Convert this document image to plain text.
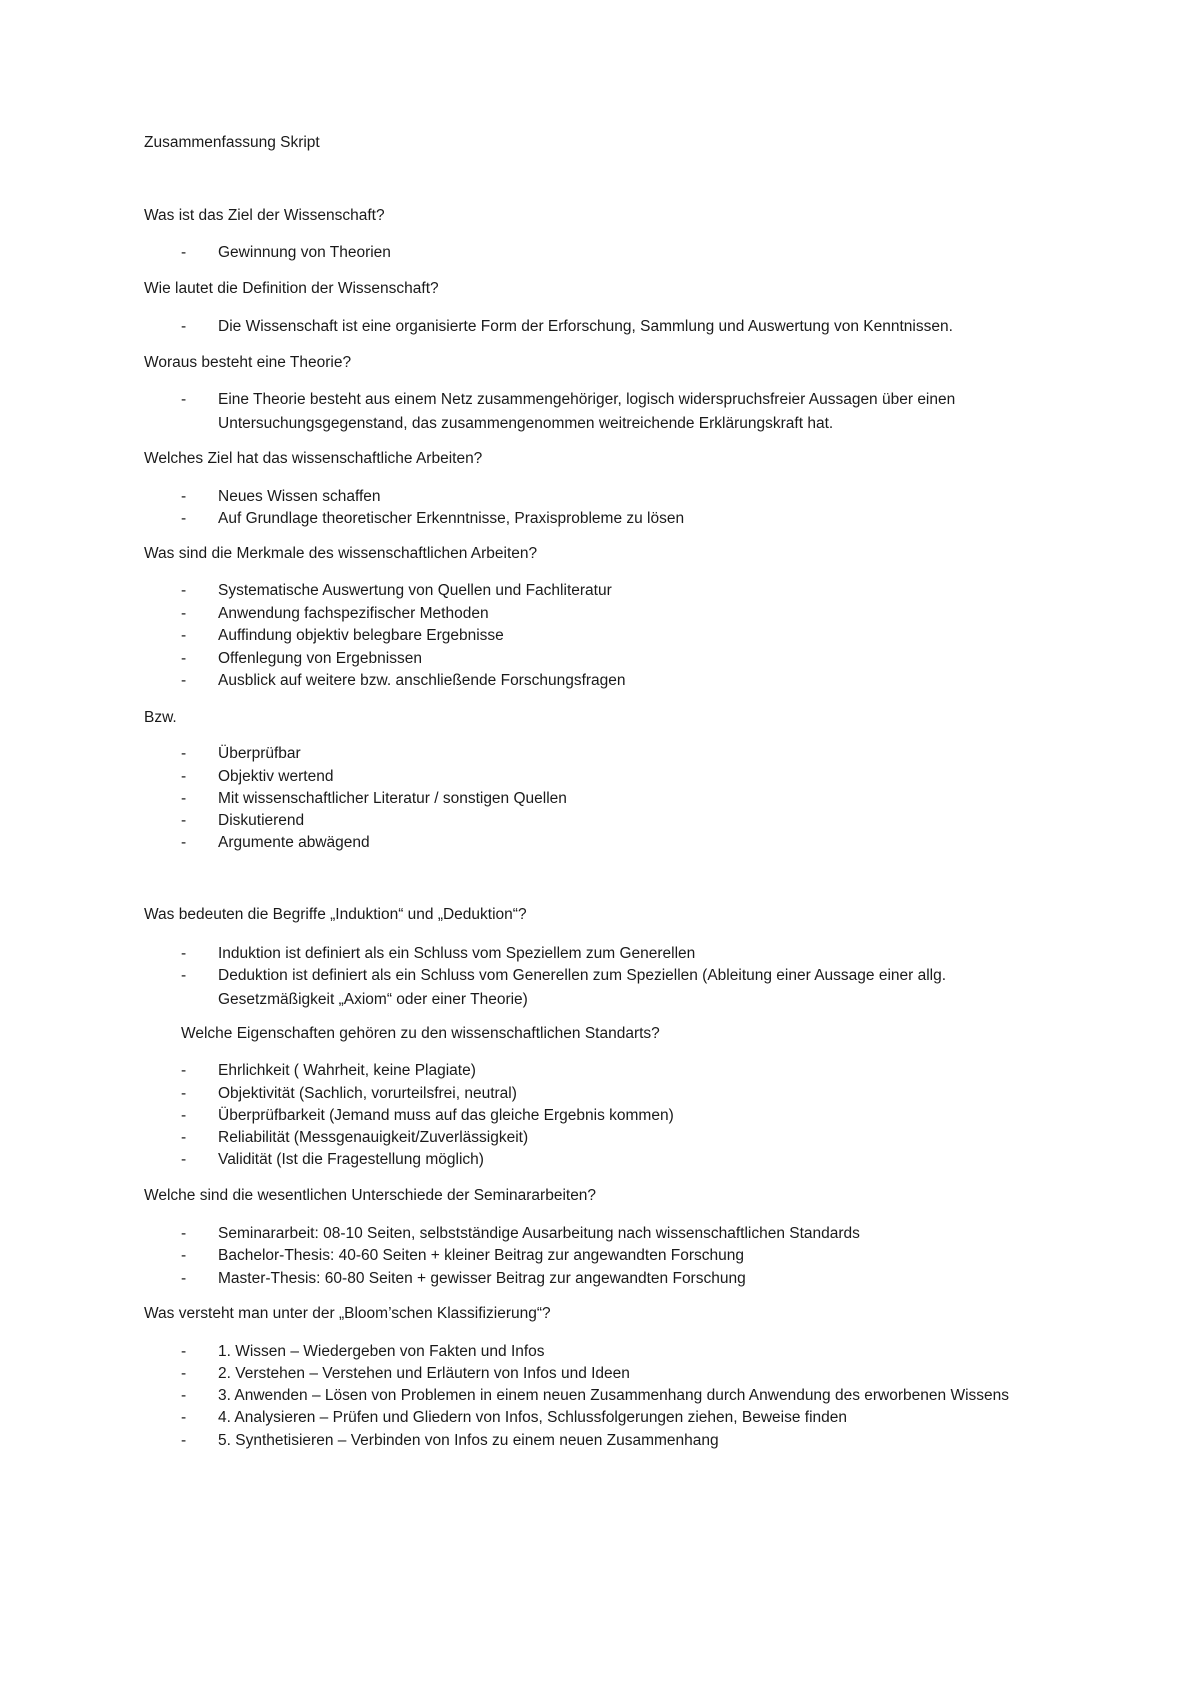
Zusammenfassung Skript
Was ist das Ziel der Wissenschaft?
-	Gewinnung von Theorien
Wie lautet die Definition der Wissenschaft?
-	Die Wissenschaft ist eine organisierte Form der Erforschung, Sammlung und Auswertung von Kenntnissen.
Woraus besteht eine Theorie?
-	Eine Theorie besteht aus einem Netz zusammengehöriger, logisch widerspruchsfreier Aussagen über einen
Untersuchungsgegenstand, das zusammengenommen weitreichende Erklärungskraft hat.
Welches Ziel hat das wissenschaftliche Arbeiten?
-	Neues Wissen schaffen
-	Auf Grundlage theoretischer Erkenntnisse, Praxisprobleme zu lösen
Was sind die Merkmale des wissenschaftlichen Arbeiten?
-	Systematische Auswertung von Quellen und Fachliteratur
-	Anwendung fachspezifischer Methoden
-	Auffindung objektiv belegbare Ergebnisse
-	Offenlegung von Ergebnissen
-	Ausblick auf weitere bzw. anschließende Forschungsfragen
Bzw.
-	Überprüfbar
-	Objektiv wertend
-	Mit wissenschaftlicher Literatur / sonstigen Quellen
-	Diskutierend
-	Argumente abwägend
Was bedeuten die Begriffe „Induktion“ und „Deduktion“?
-	Induktion ist definiert als ein Schluss vom Speziellem zum Generellen
-	Deduktion ist definiert als ein Schluss vom Generellen zum Speziellen (Ableitung einer Aussage einer allg.
Gesetzmäßigkeit „Axiom“ oder einer Theorie)
Welche Eigenschaften gehören zu den wissenschaftlichen Standarts?
-	Ehrlichkeit ( Wahrheit, keine Plagiate)
-	Objektivität (Sachlich, vorurteilsfrei, neutral)
-	Überprüfbarkeit (Jemand muss auf das gleiche Ergebnis kommen)
-	Reliabilität (Messgenauigkeit/Zuverlässigkeit)
-	Validität (Ist die Fragestellung möglich)
Welche sind die wesentlichen Unterschiede der Seminararbeiten?
-	Seminararbeit: 08-10 Seiten, selbstständige Ausarbeitung nach wissenschaftlichen Standards
-	Bachelor-Thesis: 40-60 Seiten + kleiner Beitrag zur angewandten Forschung
-	Master-Thesis: 60-80 Seiten + gewisser Beitrag zur angewandten Forschung
Was versteht man unter der „Bloom’schen Klassifizierung“?
-	1. Wissen – Wiedergeben von Fakten und Infos
-	2. Verstehen – Verstehen und Erläutern von Infos und Ideen
-	3. Anwenden – Lösen von Problemen in einem neuen Zusammenhang durch Anwendung des erworbenen Wissens
-	4. Analysieren – Prüfen und Gliedern von Infos, Schlussfolgerungen ziehen, Beweise finden
-	5. Synthetisieren – Verbinden von Infos zu einem neuen Zusammenhang
